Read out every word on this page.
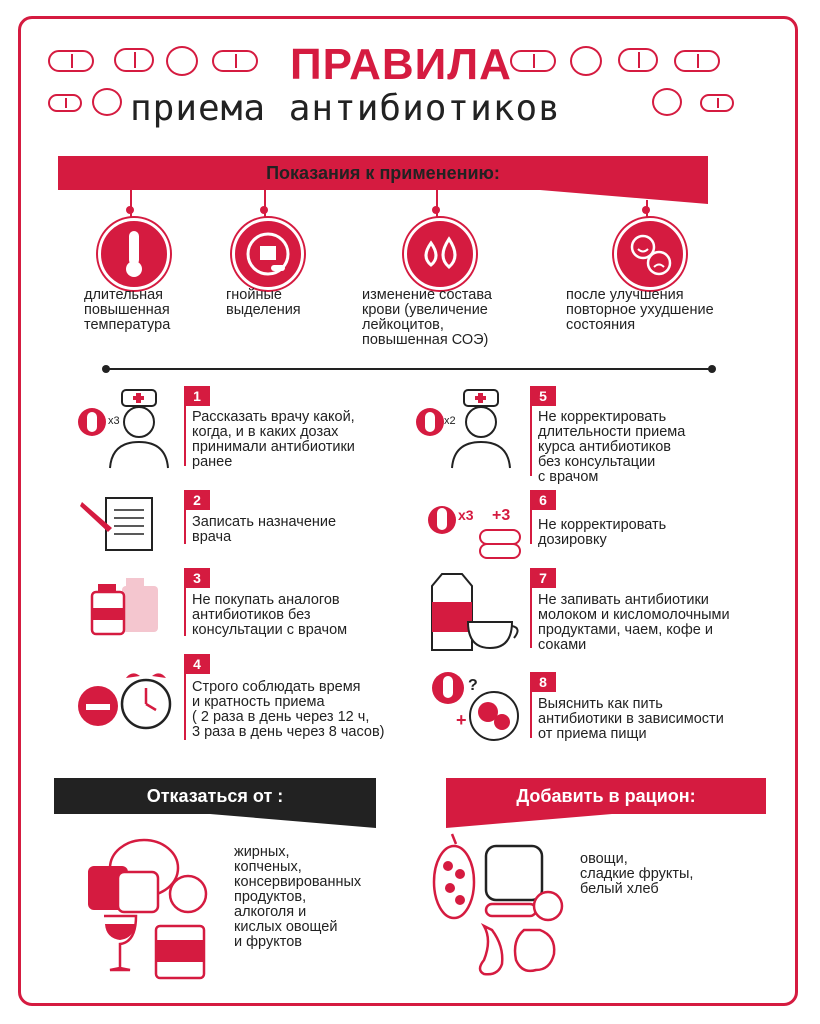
ПРАВИЛА
приема антибиотиков
Показания к применению:
длительная
повышенная
температура
гнойные
выделения
изменение состава
крови (увеличение
лейкоцитов,
повышенная СОЭ)
после улучшения
повторное ухудшение
состояния
x3
1
Рассказать врачу какой,
когда, и в каких дозах
принимали антибиотики
ранее
2
Записать назначение
врача
3
Не покупать аналогов
антибиотиков без
консультации с врачом
4
Строго соблюдать время
и кратность приема
( 2 раза в день через 12 ч,
3 раза в день через 8 часов)
x2
5
Не корректировать
длительности приема
курса антибиотиков
без консультации
с врачом
x3 +3
6
Не корректировать
дозировку
7
Не запивать антибиотики
молоком и кисломолочными
продуктами, чаем, кофе и
соками
?
+
8
Выяснить как пить
антибиотики в зависимости
от приема пищи
Отказаться от :
жирных,
копченых,
консервированных
продуктов,
алкоголя и
кислых овощей
и фруктов
Добавить в рацион:
овощи,
сладкие фрукты,
белый хлеб
